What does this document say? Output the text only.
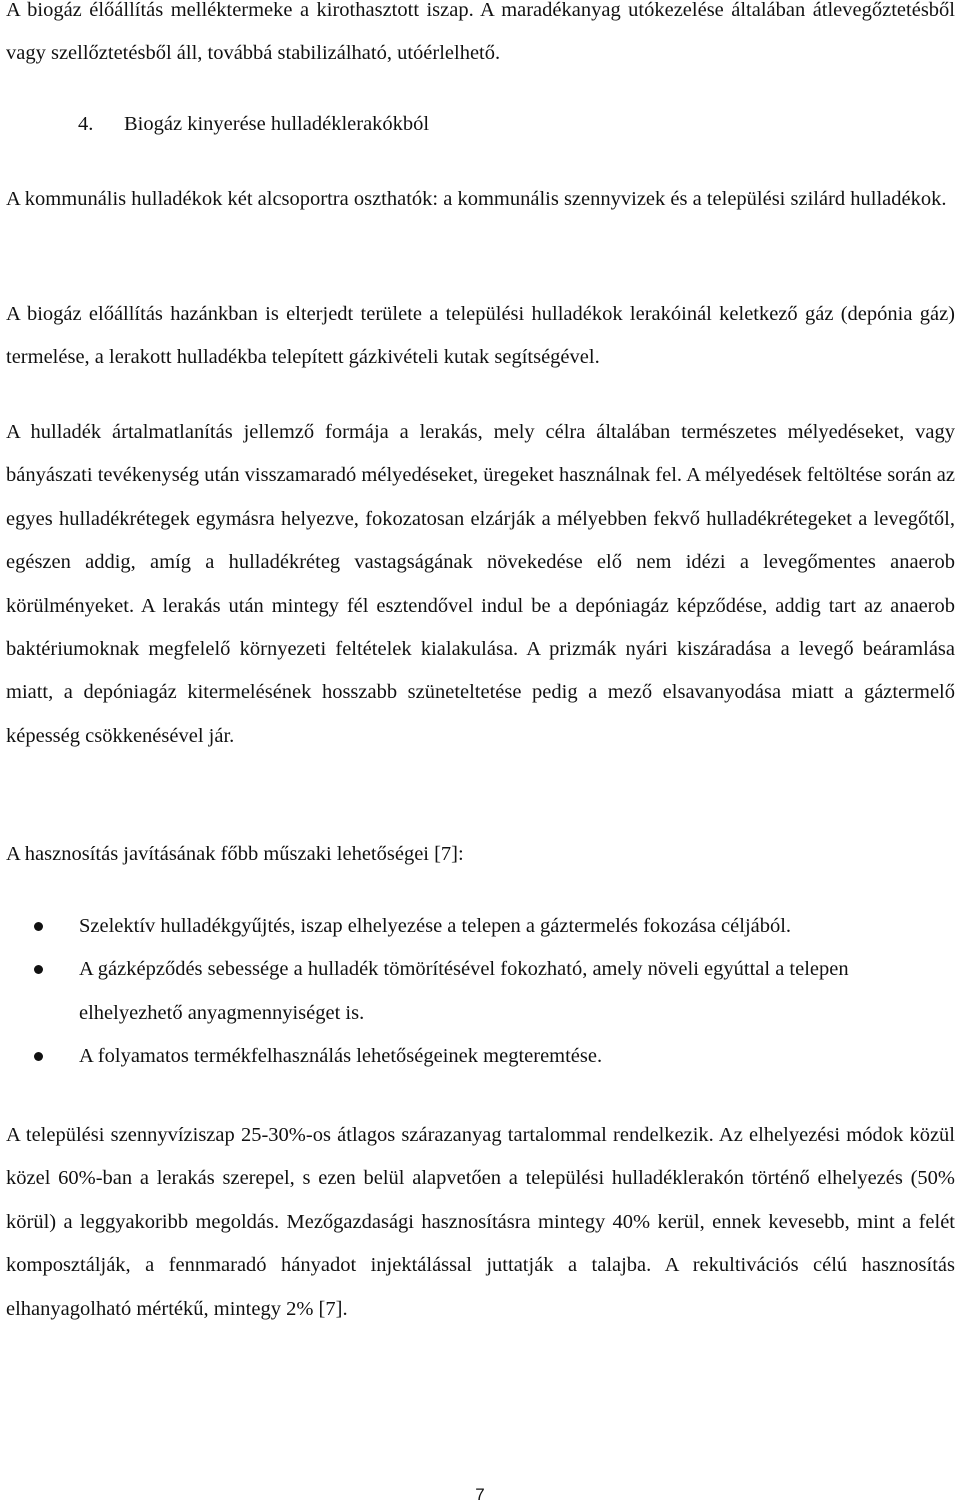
A biogáz élőállítás melléktermeke a kirothasztott iszap. A maradékanyag utókezelése általában átlevegőztetésből vagy szellőztetésből áll, továbbá stabilizálható, utóérlelhető.

4. Biogáz kinyerése hulladéklerakókból

A kommunális hulladékok két alcsoportra oszthatók: a kommunális szennyvizek és a települési szilárd hulladékok.

A biogáz előállítás hazánkban is elterjedt területe a települési hulladékok lerakóinál keletkező gáz (depónia gáz) termelése, a lerakott hulladékba telepített gázkivételi kutak segítségével.

A hulladék ártalmatlanítás jellemző formája a lerakás, mely célra általában természetes mélyedéseket, vagy bányászati tevékenység után visszamaradó mélyedéseket, üregeket használnak fel. A mélyedések feltöltése során az egyes hulladékrétegek egymásra helyezve, fokozatosan elzárják a mélyebben fekvő hulladékrétegeket a levegőtől, egészen addig, amíg a hulladékréteg vastagságának növekedése elő nem idézi a levegőmentes anaerob körülményeket. A lerakás után mintegy fél esztendővel indul be a depóniagáz képződése, addig tart az anaerob baktériumoknak megfelelő környezeti feltételek kialakulása. A prizmák nyári kiszáradása a levegő beáramlása miatt, a depóniagáz kitermelésének hosszabb szüneteltetése pedig a mező elsavanyodása miatt a gáztermelő képesség csökkenésével jár.

A hasznosítás javításának főbb műszaki lehetőségei [7]:

Szelektív hulladékgyűjtés, iszap elhelyezése a telepen a gáztermelés fokozása céljából.
A gázképződés sebessége a hulladék tömörítésével fokozható, amely növeli egyúttal a telepen elhelyezhető anyagmennyiséget is.
A folyamatos termékfelhasználás lehetőségeinek megteremtése.

A települési szennyvíziszap 25-30%-os átlagos szárazanyag tartalommal rendelkezik. Az elhelyezési módok közül közel 60%-ban a lerakás szerepel, s ezen belül alapvetően a települési hulladéklerakón történő elhelyezés (50% körül) a leggyakoribb megoldás. Mezőgazdasági hasznosításra mintegy 40% kerül, ennek kevesebb, mint a felét komposztálják, a fennmaradó hányadot injektálással juttatják a talajba. A rekultivációs célú hasznosítás elhanyagolható mértékű, mintegy 2% [7].

7
